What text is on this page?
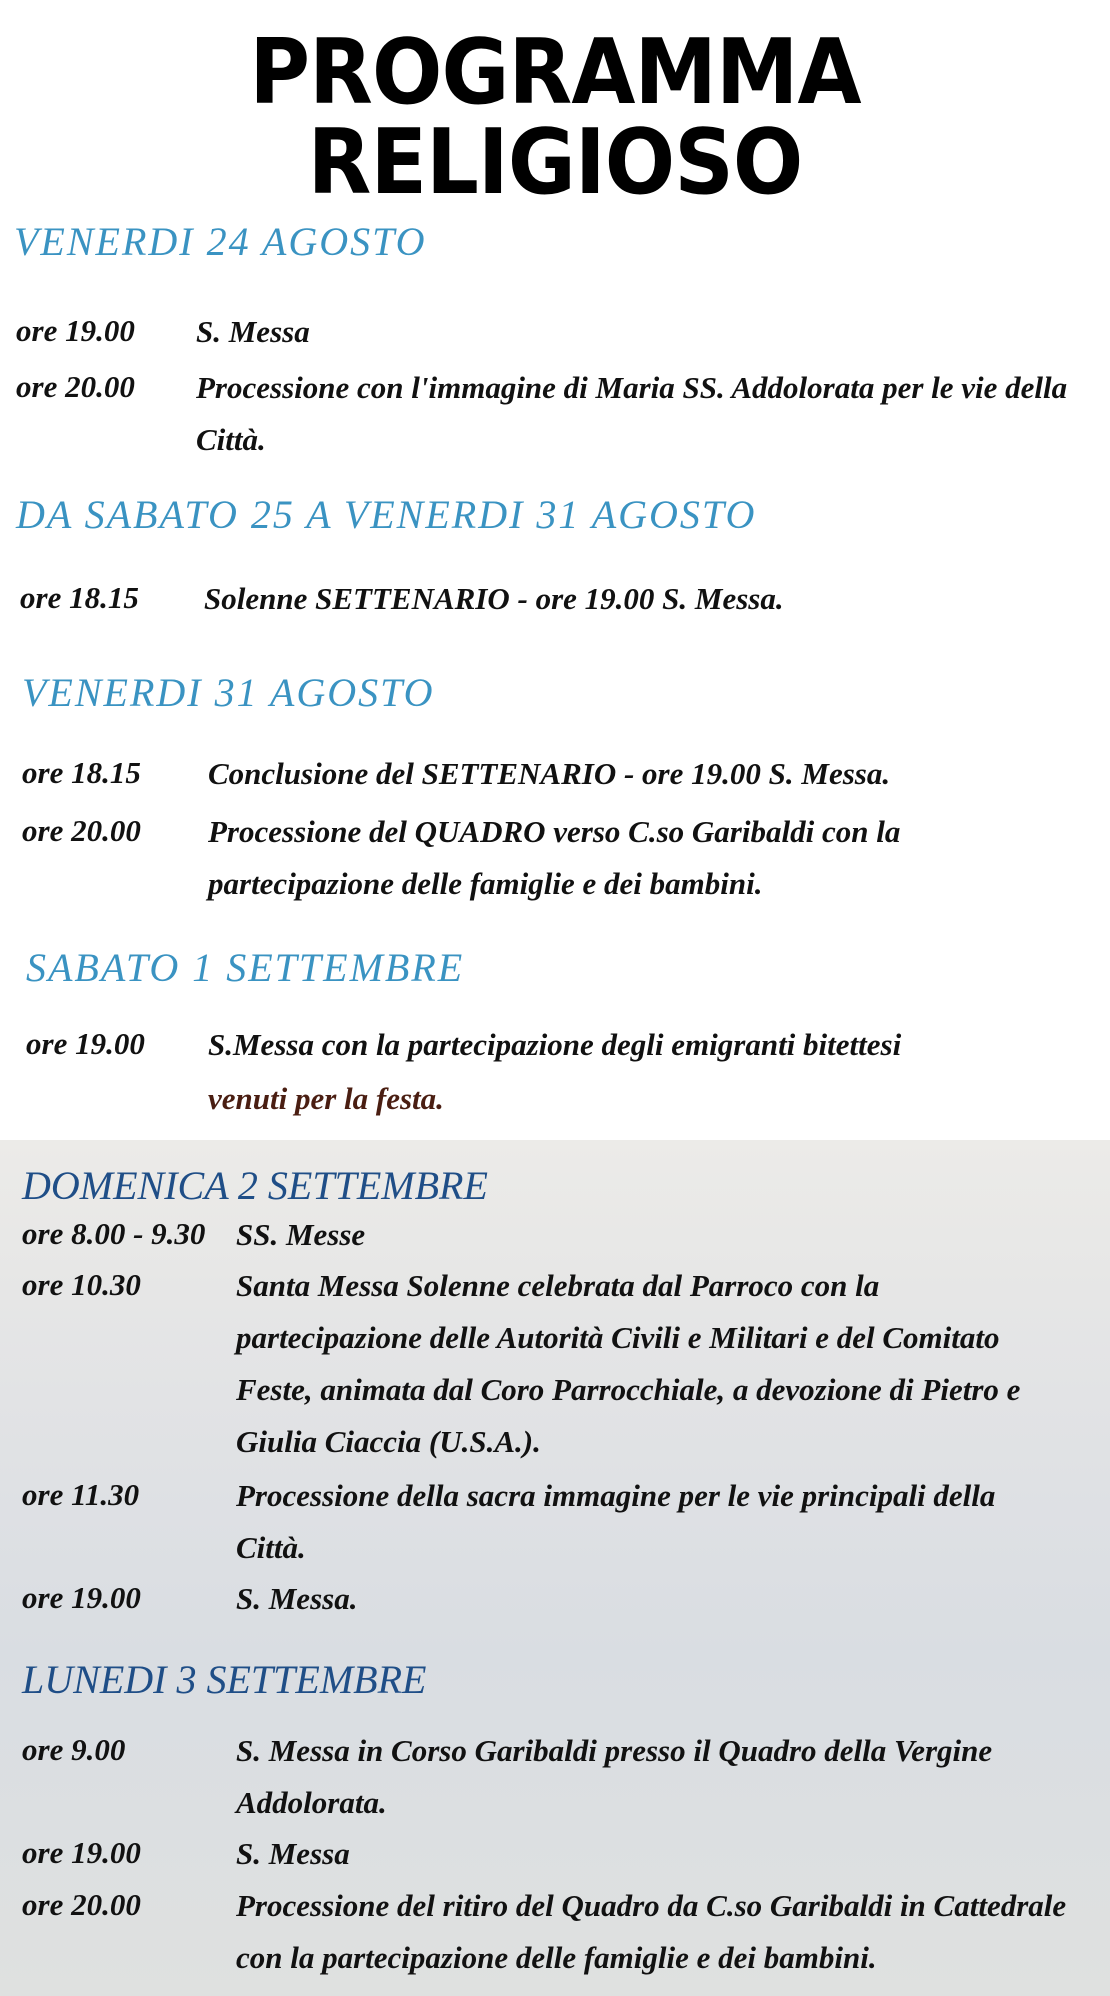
PROGRAMMA RELIGIOSO
VENERDI 24 AGOSTO
ore 19.00 S. Messa

ore 20.00 Processione con l'immagine di Maria SS. Addolorata per le vie della Città.

DA SABATO 25 A VENERDI 31 AGOSTO
ore 18.15 Solenne SETTENARIO - ore 19.00 S. Messa.

VENERDI 31 AGOSTO
ore 18.15 Conclusione del SETTENARIO - ore 19.00 S. Messa.

ore 20.00 Processione del QUADRO verso C.so Garibaldi con la partecipazione delle famiglie e dei bambini.

SABATO 1 SETTEMBRE
ore 19.00 S.Messa con la partecipazione degli emigranti bitettesi

venuti per la festa.

DOMENICA 2 SETTEMBRE
ore 8.00 - 9.30 SS. Messe

ore 10.30	Santa Messa Solenne celebrata dal Parroco con la partecipazione delle Autorità Civili e Militari e del Comitato Feste, animata dal Coro Parrocchiale, a devozione di Pietro e Giulia Ciaccia (U.S.A.).

ore 11.30	Processione della sacra immagine per le vie principali della Città.

ore 19.00	S. Messa.

LUNEDI 3 SETTEMBRE
ore 9.00	S. Messa in Corso Garibaldi presso il Quadro della Vergine Addolorata.

ore 19.00	S. Messa

ore 20.00	Processione del ritiro del Quadro da C.so Garibaldi in Cattedrale con la partecipazione delle famiglie e dei bambini.
